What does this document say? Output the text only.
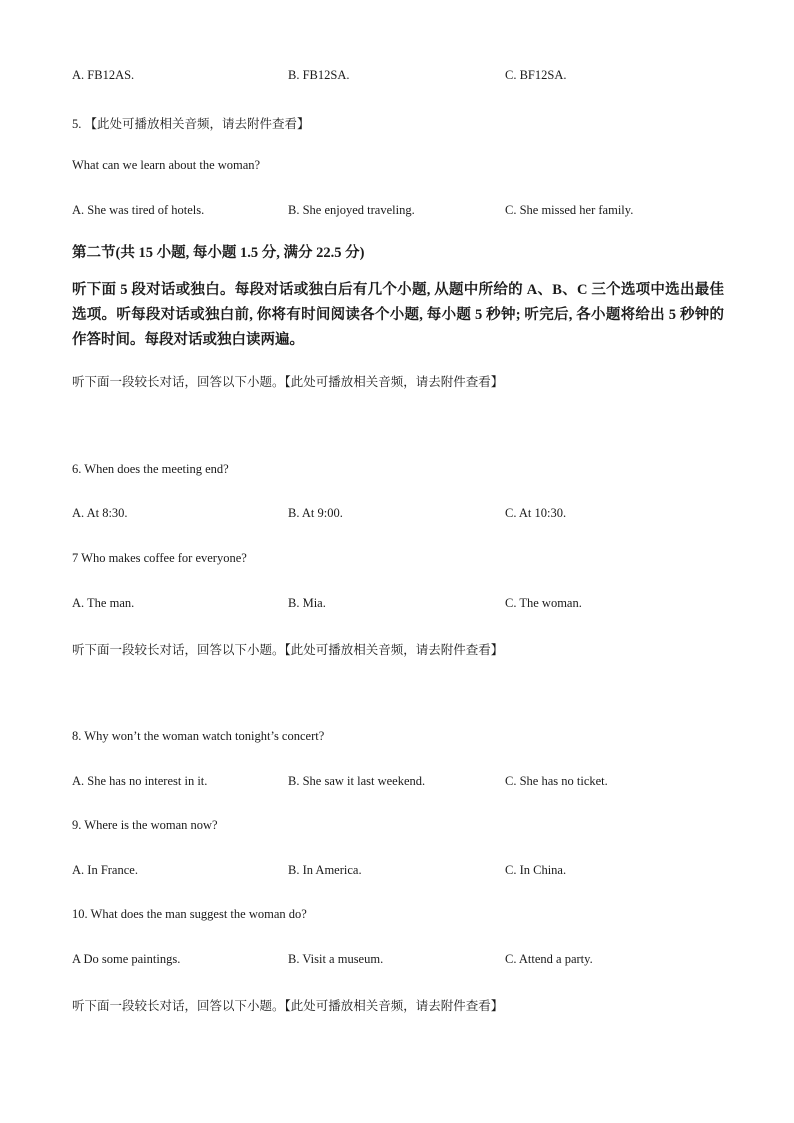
A. FB12AS.	B. FB12SA.	C. BF12SA.
5. 【此处可播放相关音频，请去附件查看】
What can we learn about the woman?
A. She was tired of hotels.	B. She enjoyed traveling.	C. She missed her family.
第二节(共 15 小题, 每小题 1.5 分, 满分 22.5 分)
听下面 5 段对话或独白。每段对话或独白后有几个小题, 从题中所给的 A、B、C 三个选项中选出最佳选项。听每段对话或独白前, 你将有时间阅读各个小题, 每小题 5 秒钟; 听完后, 各小题将给出 5 秒钟的作答时间。每段对话或独白读两遍。
听下面一段较长对话，回答以下小题。【此处可播放相关音频，请去附件查看】
6. When does the meeting end?
A. At 8:30.	B. At 9:00.	C. At 10:30.
7 Who makes coffee for everyone?
A. The man.	B. Mia.	C. The woman.
听下面一段较长对话，回答以下小题。【此处可播放相关音频，请去附件查看】
8. Why won’t the woman watch tonight’s concert?
A. She has no interest in it.	B. She saw it last weekend.	C. She has no ticket.
9. Where is the woman now?
A. In France.	B. In America.	C. In China.
10. What does the man suggest the woman do?
A Do some paintings.	B. Visit a museum.	C. Attend a party.
听下面一段较长对话，回答以下小题。【此处可播放相关音频，请去附件查看】
